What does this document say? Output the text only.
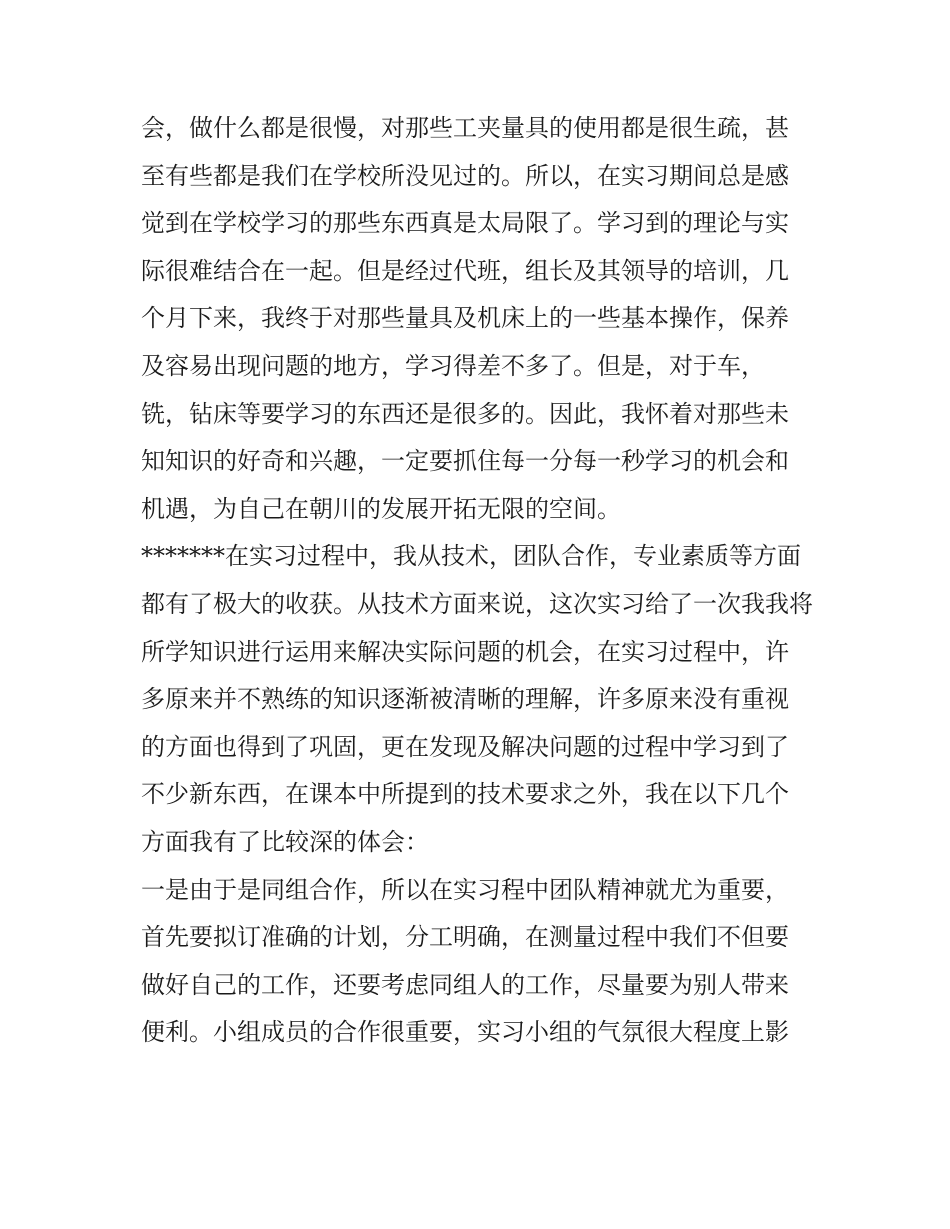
会，做什么都是很慢，对那些工夹量具的使用都是很生疏，甚
至有些都是我们在学校所没见过的。所以，在实习期间总是感
觉到在学校学习的那些东西真是太局限了。学习到的理论与实
际很难结合在一起。但是经过代班，组长及其领导的培训，几
个月下来，我终于对那些量具及机床上的一些基本操作，保养
及容易出现问题的地方，学习得差不多了。但是，对于车，
铣，钻床等要学习的东西还是很多的。因此，我怀着对那些未
知知识的好奇和兴趣，一定要抓住每一分每一秒学习的机会和
机遇，为自己在朝川的发展开拓无限的空间。
*******在实习过程中，我从技术，团队合作，专业素质等方面
都有了极大的收获。从技术方面来说，这次实习给了一次我我将
所学知识进行运用来解决实际问题的机会，在实习过程中，许
多原来并不熟练的知识逐渐被清晰的理解，许多原来没有重视
的方面也得到了巩固，更在发现及解决问题的过程中学习到了
不少新东西，在课本中所提到的技术要求之外，我在以下几个
方面我有了比较深的体会：
一是由于是同组合作，所以在实习程中团队精神就尤为重要，
首先要拟订准确的计划，分工明确，在测量过程中我们不但要
做好自己的工作，还要考虑同组人的工作，尽量要为别人带来
便利。小组成员的合作很重要，实习小组的气氛很大程度上影
